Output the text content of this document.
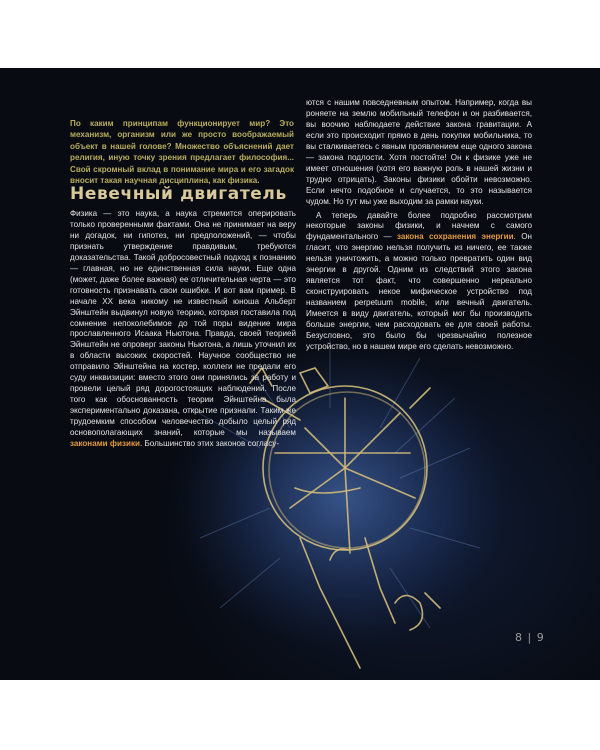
По каким принципам функционирует мир? Это механизм, организм или же просто воображаемый объект в нашей голове? Множество объяснений дает религия, иную точку зрения предлагает философия... Свой скромный вклад в понимание мира и его загадок вносит такая научная дисциплина, как физика.

Невечный двигатель

Физика — это наука, а наука стремится оперировать только проверенными фактами. Она не принимает на веру ни догадок, ни гипотез, ни предположений, — чтобы признать утверждение правдивым, требуются доказательства. Такой добросовестный подход к познанию — главная, но не единственная сила науки. Еще одна (может, даже более важная) ее отличительная черта — это готовность признавать свои ошибки. И вот вам пример. В начале XX века никому не известный юноша Альберт Эйнштейн выдвинул новую теорию, которая поставила под сомнение непоколебимое до той поры видение мира прославленного Исаака Ньютона. Правда, своей теорией Эйнштейн не опроверг законы Ньютона, а лишь уточнил их в области высоких скоростей. Научное сообщество не отправило Эйнштейна на костер, коллеги не предали его суду инквизиции: вместо этого они принялись за работу и провели целый ряд дорогостоящих наблюдений. После того как обоснованность теории Эйнштейна была экспериментально доказана, открытие признали. Таким же трудоемким способом человечество добыло целый ряд основополагающих знаний, которые мы называем законами физики. Большинство этих законов согласу-

ются с нашим повседневным опытом. Например, когда вы роняете на землю мобильный телефон и он разбивается, вы воочию наблюдаете действие закона гравитации. А если это происходит прямо в день покупки мобильника, то вы сталкиваетесь с явным проявлением еще одного закона — закона подлости. Хотя постойте! Он к физике уже не имеет отношения (хотя его важную роль в нашей жизни и трудно отрицать). Законы физики обойти невозможно. Если нечто подобное и случается, то это называется чудом. Но тут мы уже выходим за рамки науки.

А теперь давайте более подробно рассмотрим некоторые законы физики, и начнем с самого фундаментального — закона сохранения энергии. Он гласит, что энергию нельзя получить из ничего, ее также нельзя уничтожить, а можно только превратить один вид энергии в другой. Одним из следствий этого закона является тот факт, что совершенно нереально сконструировать некое мифическое устройство под названием perpetuum mobile, или вечный двигатель. Имеется в виду двигатель, который мог бы производить больше энергии, чем расходовать ее для своей работы. Безусловно, это было бы чрезвычайно полезное устройство, но в нашем мире его сделать невозможно.

8 | 9
